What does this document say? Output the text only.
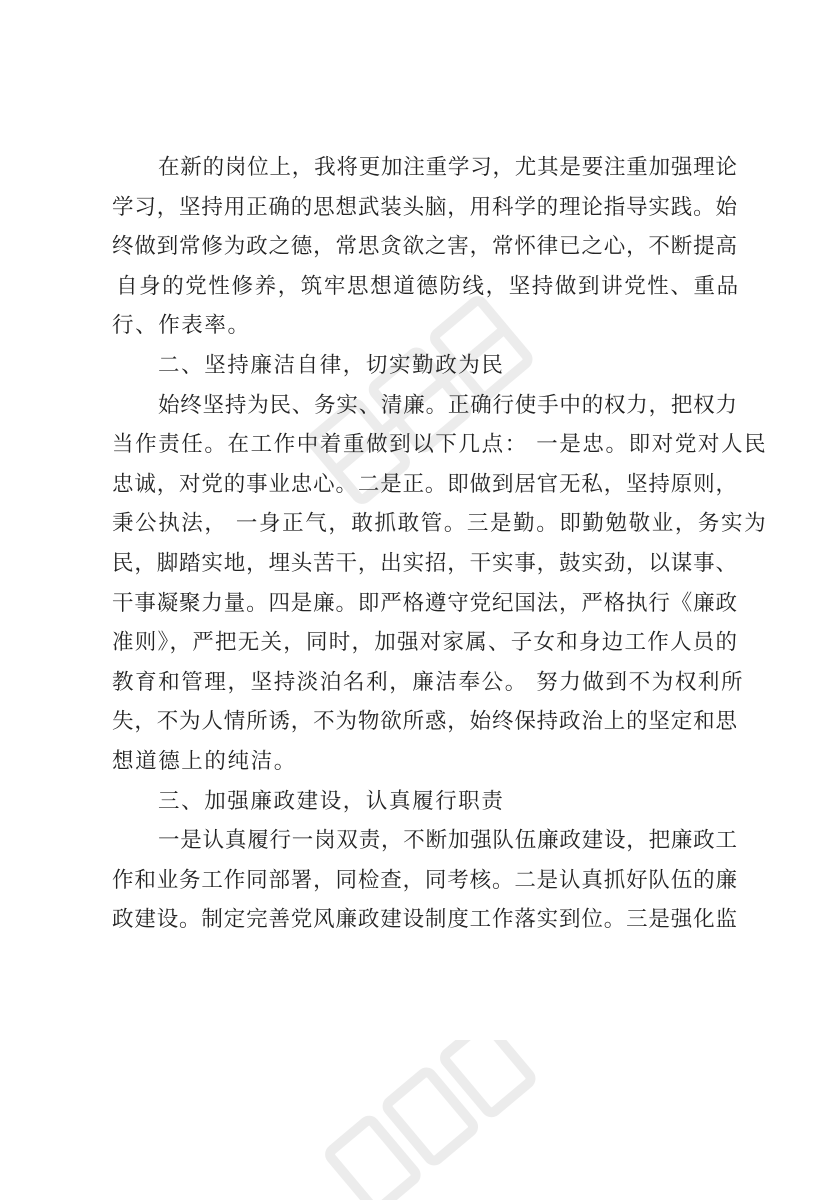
在新的岗位上，我将更加注重学习，尤其是要注重加强理论
学习，坚持用正确的思想武装头脑，用科学的理论指导实践。始
终做到常修为政之德，常思贪欲之害，常怀律已之心，不断提高
自身的党性修养，筑牢思想道德防线，坚持做到讲党性、重品
行、作表率。
二、坚持廉洁自律，切实勤政为民
始终坚持为民、务实、清廉。正确行使手中的权力，把权力
当作责任。在工作中着重做到以下几点： 一是忠。即对党对人民
忠诚，对党的事业忠心。二是正。即做到居官无私，坚持原则，
秉公执法， 一身正气，敢抓敢管。三是勤。即勤勉敬业，务实为
民，脚踏实地，埋头苦干，出实招，干实事，鼓实劲，以谋事、
干事凝聚力量。四是廉。即严格遵守党纪国法，严格执行《廉政
准则》，严把无关，同时，加强对家属、子女和身边工作人员的
教育和管理，坚持淡泊名利，廉洁奉公。 努力做到不为权利所
失，不为人情所诱，不为物欲所惑，始终保持政治上的坚定和思
想道德上的纯洁。
三、加强廉政建设，认真履行职责
一是认真履行一岗双责，不断加强队伍廉政建设，把廉政工
作和业务工作同部署，同检查，同考核。二是认真抓好队伍的廉
政建设。制定完善党风廉政建设制度工作落实到位。三是强化监
